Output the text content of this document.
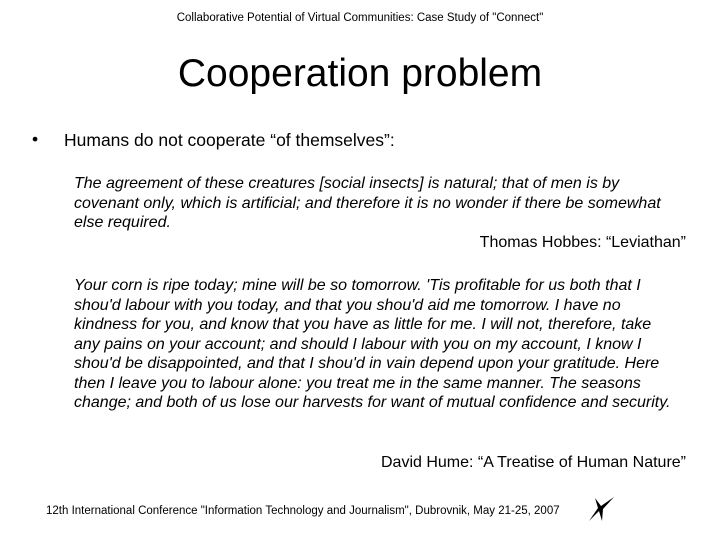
Collaborative Potential of Virtual Communities: Case Study of "Connect"
Cooperation problem
• Humans do not cooperate “of themselves”:
The agreement of these creatures [social insects] is natural; that of men is by covenant only, which is artificial; and therefore it is no wonder if there be somewhat else required.
Thomas Hobbes: “Leviathan”
Your corn is ripe today; mine will be so tomorrow. 'Tis profitable for us both that I shou'd labour with you today, and that you shou'd aid me tomorrow. I have no kindness for you, and know that you have as little for me. I will not, therefore, take any pains on your account; and should I labour with you on my account, I know I shou'd be disappointed, and that I shou'd in vain depend upon your gratitude. Here then I leave you to labour alone: you treat me in the same manner. The seasons change; and both of us lose our harvests for want of mutual confidence and security.
David Hume: “A Treatise of Human Nature”
12th International Conference "Information Technology and Journalism", Dubrovnik, May 21-25, 2007
